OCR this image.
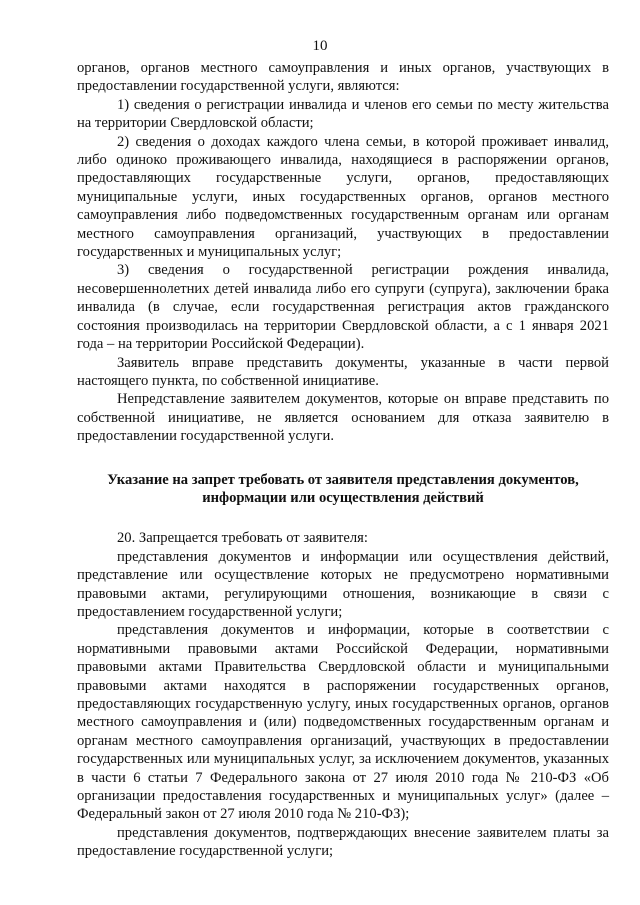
10

органов, органов местного самоуправления и иных органов, участвующих в предоставлении государственной услуги, являются:

1) сведения о регистрации инвалида и членов его семьи по месту жительства на территории Свердловской области;

2) сведения о доходах каждого члена семьи, в которой проживает инвалид, либо одиноко проживающего инвалида, находящиеся в распоряжении органов, предоставляющих государственные услуги, органов, предоставляющих муниципальные услуги, иных государственных органов, органов местного самоуправления либо подведомственных государственным органам или органам местного самоуправления организаций, участвующих в предоставлении государственных и муниципальных услуг;

3) сведения о государственной регистрации рождения инвалида, несовершеннолетних детей инвалида либо его супруги (супруга), заключении брака инвалида (в случае, если государственная регистрация актов гражданского состояния производилась на территории Свердловской области, а с 1 января 2021 года – на территории Российской Федерации).

Заявитель вправе представить документы, указанные в части первой настоящего пункта, по собственной инициативе.

Непредставление заявителем документов, которые он вправе представить по собственной инициативе, не является основанием для отказа заявителю в предоставлении государственной услуги.

Указание на запрет требовать от заявителя представления документов, информации или осуществления действий

20. Запрещается требовать от заявителя:

представления документов и информации или осуществления действий, представление или осуществление которых не предусмотрено нормативными правовыми актами, регулирующими отношения, возникающие в связи с предоставлением государственной услуги;

представления документов и информации, которые в соответствии с нормативными правовыми актами Российской Федерации, нормативными правовыми актами Правительства Свердловской области и муниципальными правовыми актами находятся в распоряжении государственных органов, предоставляющих государственную услугу, иных государственных органов, органов местного самоуправления и (или) подведомственных государственным органам и органам местного самоуправления организаций, участвующих в предоставлении государственных или муниципальных услуг, за исключением документов, указанных в части 6 статьи 7 Федерального закона от 27 июля 2010 года № 210-ФЗ «Об организации предоставления государственных и муниципальных услуг» (далее – Федеральный закон от 27 июля 2010 года № 210-ФЗ);

представления документов, подтверждающих внесение заявителем платы за предоставление государственной услуги;
